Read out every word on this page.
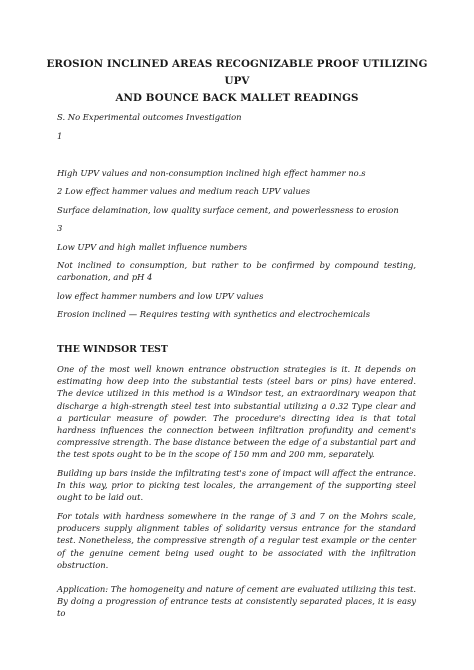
EROSION INCLINED AREAS RECOGNIZABLE PROOF UTILIZING UPV
AND BOUNCE BACK MALLET READINGS
S. No Experimental outcomes Investigation
1
High UPV values and non-consumption inclined high effect hammer no.s
2 Low effect hammer values and medium reach UPV values
Surface delamination, low quality surface cement, and powerlessness to erosion
3
Low UPV and high mallet influence numbers
Not inclined to consumption, but rather to be confirmed by compound testing, carbonation, and pH 4
low effect hammer numbers and low UPV values
Erosion inclined — Requires testing with synthetics and electrochemicals
THE WINDSOR TEST
One of the most well known entrance obstruction strategies is it. It depends on estimating how deep into the substantial tests (steel bars or pins) have entered. The device utilized in this method is a Windsor test, an extraordinary weapon that discharge a high-strength steel test into substantial utilizing a 0.32 Type clear and a particular measure of powder. The procedure's directing idea is that total hardness influences the connection between infiltration profundity and cement's compressive strength. The base distance between the edge of a substantial part and the test spots ought to be in the scope of 150 mm and 200 mm, separately.
Building up bars inside the infiltrating test's zone of impact will affect the entrance. In this way, prior to picking test locales, the arrangement of the supporting steel ought to be laid out.
For totals with hardness somewhere in the range of 3 and 7 on the Mohrs scale, producers supply alignment tables of solidarity versus entrance for the standard test. Nonetheless, the compressive strength of a regular test example or the center of the genuine cement being used ought to be associated with the infiltration obstruction.
Application: The homogeneity and nature of cement are evaluated utilizing this test. By doing a progression of entrance tests at consistently separated places, it is easy to
